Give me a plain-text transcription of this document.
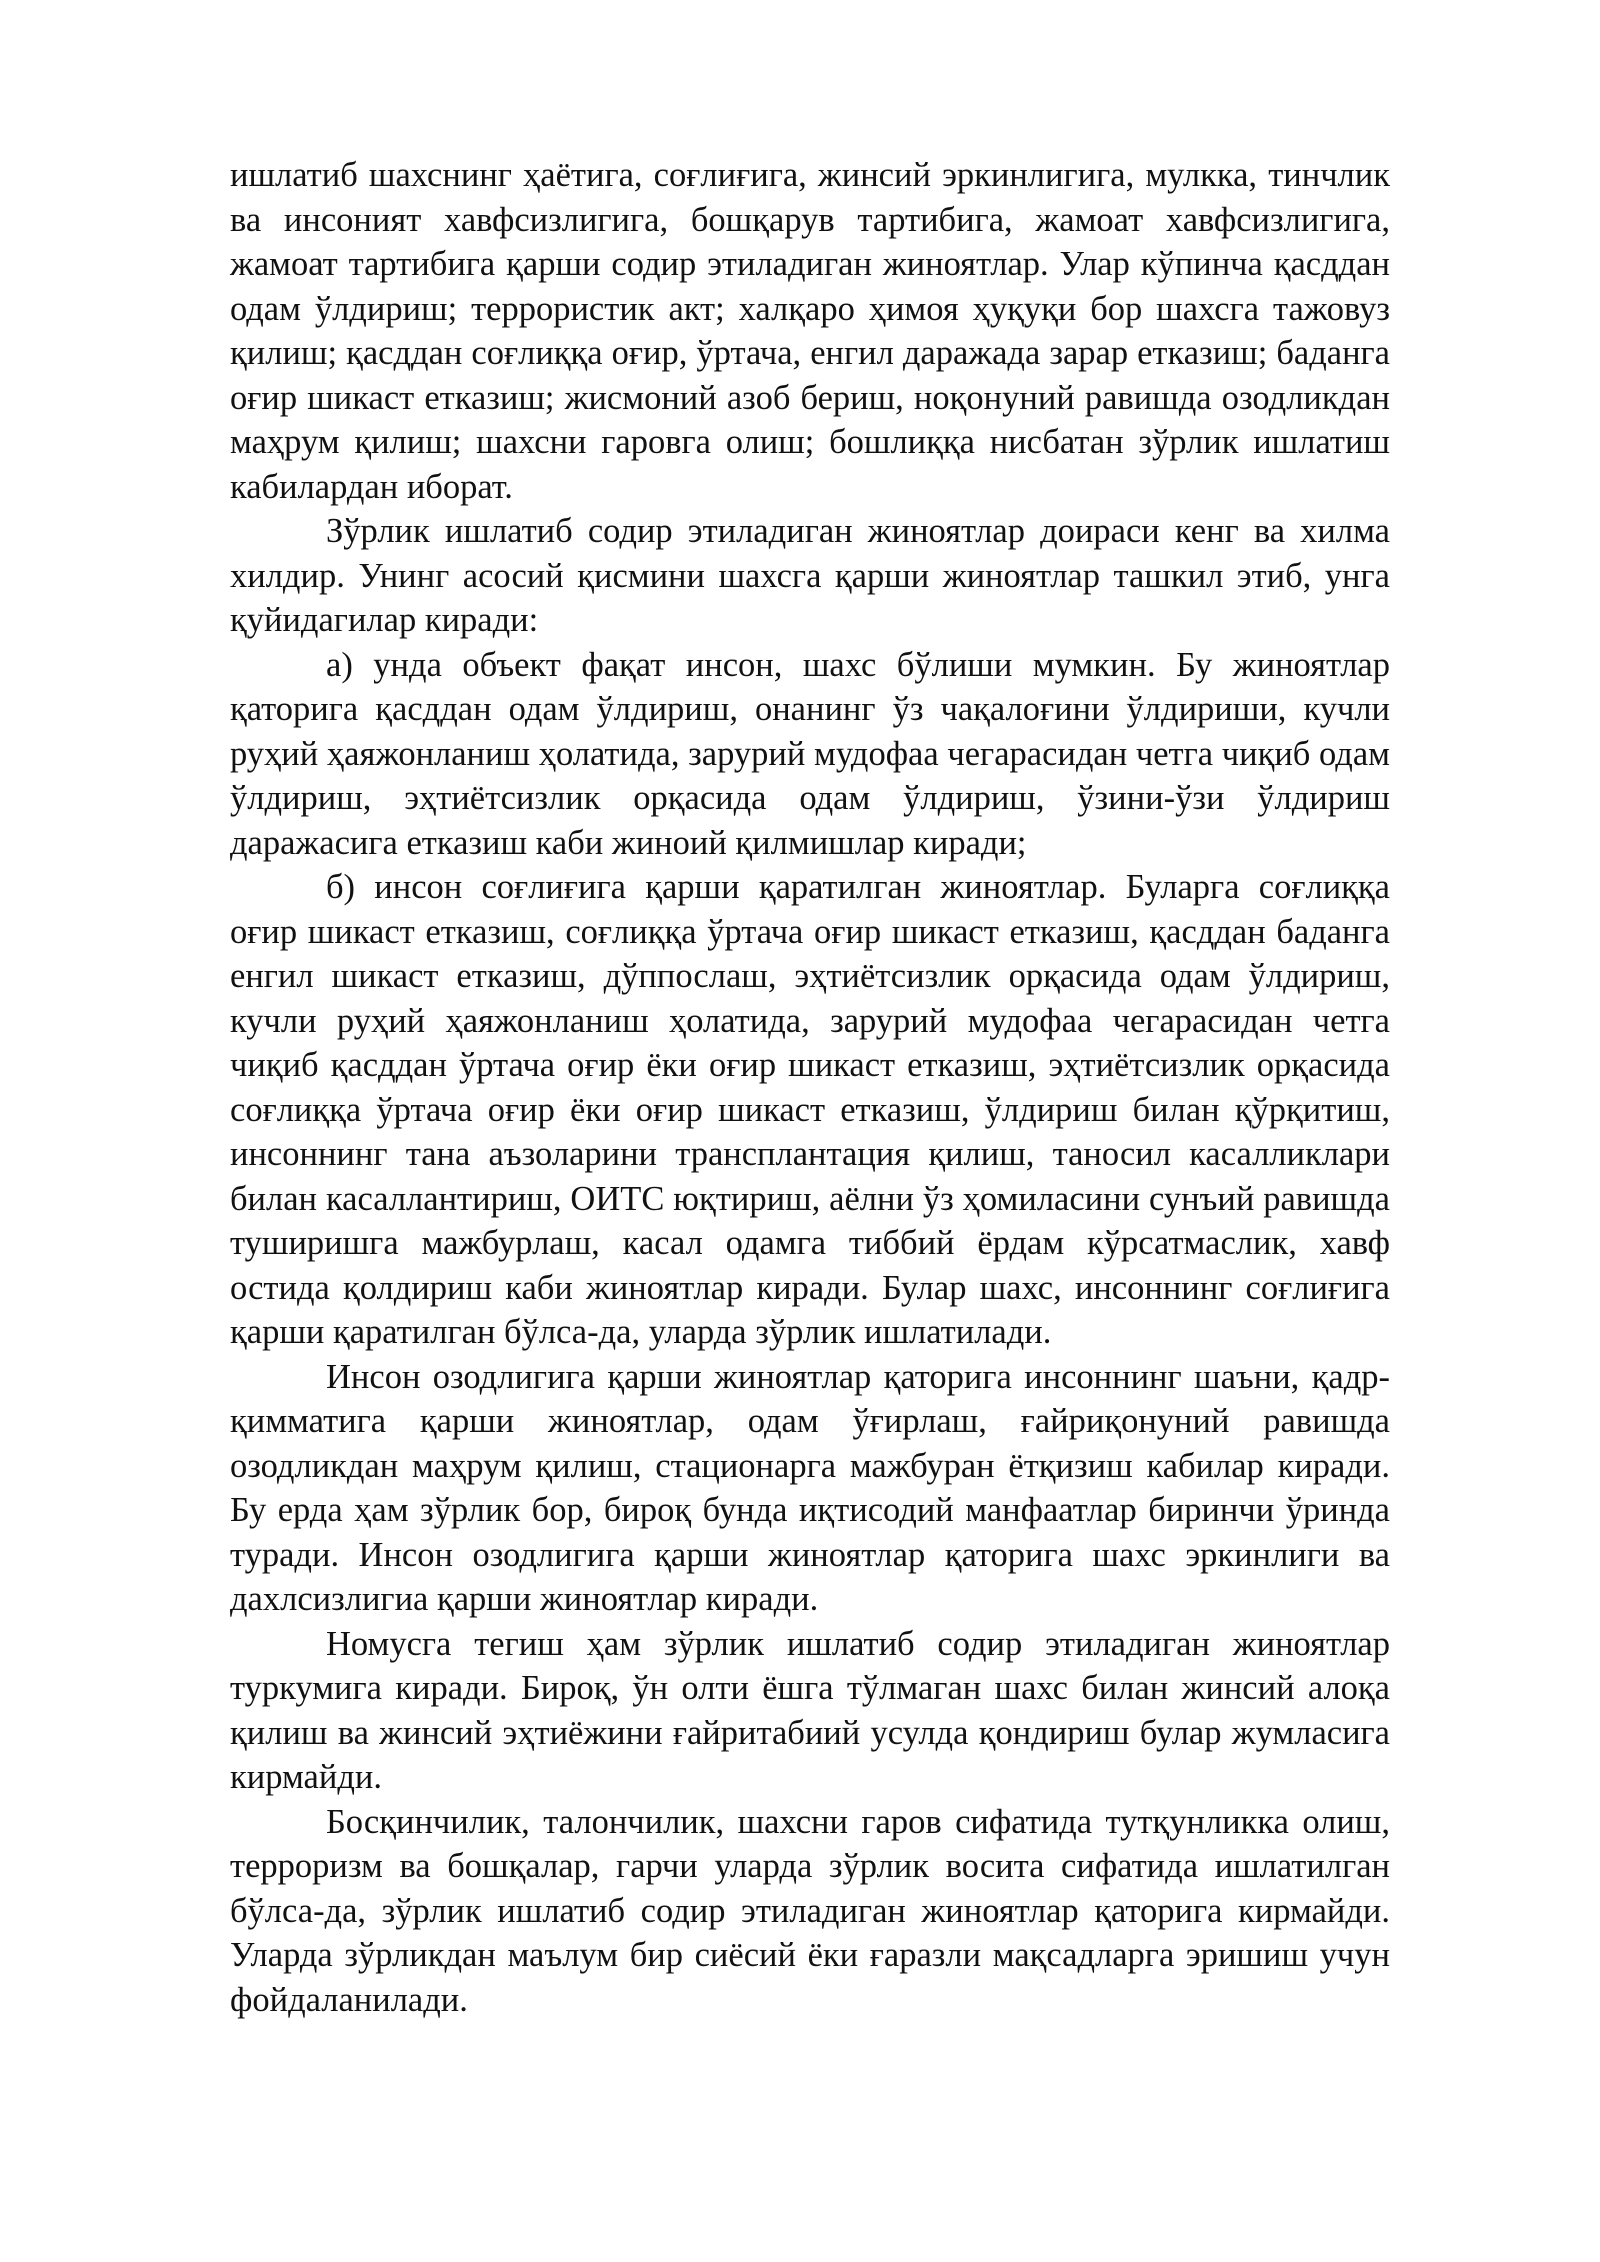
ишлатиб шахснинг ҳаётига, соғлиғига, жинсий эркинлигига, мулкка, тинчлик ва инсоният хавфсизлигига, бошқарув тартибига, жамоат хавфсизлигига, жамоат тартибига қарши содир этиладиган жиноятлар. Улар кўпинча қасддан одам ўлдириш; террористик акт; халқаро ҳимоя ҳуқуқи бор шахсга тажовуз қилиш; қасддан соғлиққа оғир, ўртача, енгил даражада зарар етказиш; баданга оғир шикаст етказиш; жисмоний азоб бериш, ноқонуний равишда озодликдан маҳрум қилиш; шахсни гаровга олиш; бошлиққа нисбатан зўрлик ишлатиш кабилардан иборат.

Зўрлик ишлатиб содир этиладиган жиноятлар доираси кенг ва хилма хилдир. Унинг асосий қисмини шахсга қарши жиноятлар ташкил этиб, унга қуйидагилар киради:

а) унда объект фақат инсон, шахс бўлиши мумкин. Бу жиноятлар қаторига қасддан одам ўлдириш, онанинг ўз чақалоғини ўлдириши, кучли руҳий ҳаяжонланиш ҳолатида, зарурий мудофаа чегарасидан четга чиқиб одам ўлдириш, эҳтиётсизлик орқасида одам ўлдириш, ўзини-ўзи ўлдириш даражасига етказиш каби жиноий қилмишлар киради;

б) инсон соғлиғига қарши қаратилган жиноятлар. Буларга соғлиққа оғир шикаст етказиш, соғлиққа ўртача оғир шикаст етказиш, қасддан баданга енгил шикаст етказиш, дўппослаш, эҳтиётсизлик орқасида одам ўлдириш, кучли руҳий ҳаяжонланиш ҳолатида, зарурий мудофаа чегарасидан четга чиқиб қасддан ўртача оғир ёки оғир шикаст етказиш, эҳтиётсизлик орқасида соғлиққа ўртача оғир ёки оғир шикаст етказиш, ўлдириш билан қўрқитиш, инсоннинг тана аъзоларини трансплантация қилиш, таносил касалликлари билан касаллантириш, ОИТС юқтириш, аёлни ўз ҳомиласини сунъий равишда туширишга мажбурлаш, касал одамга тиббий ёрдам кўрсатмаслик, хавф остида қолдириш каби жиноятлар киради. Булар шахс, инсоннинг соғлиғига қарши қаратилган бўлса-да, уларда зўрлик ишлатилади.

Инсон озодлигига қарши жиноятлар қаторига инсоннинг шаъни, қадр-қимматига қарши жиноятлар, одам ўғирлаш, ғайриқонуний равишда озодликдан маҳрум қилиш, стационарга мажбуран ётқизиш кабилар киради. Бу ерда ҳам зўрлик бор, бироқ бунда иқтисодий манфаатлар биринчи ўринда туради. Инсон озодлигига қарши жиноятлар қаторига шахс эркинлиги ва дахлсизлигиа қарши жиноятлар киради.

Номусга тегиш ҳам зўрлик ишлатиб содир этиладиган жиноятлар туркумига киради. Бироқ, ўн олти ёшга тўлмаган шахс билан жинсий алоқа қилиш ва жинсий эҳтиёжини ғайритабиий усулда қондириш булар жумласига кирмайди.

Босқинчилик, талончилик, шахсни гаров сифатида тутқунликка олиш, терроризм ва бошқалар, гарчи уларда зўрлик восита сифатида ишлатилган бўлса-да, зўрлик ишлатиб содир этиладиган жиноятлар қаторига кирмайди. Уларда зўрликдан маълум бир сиёсий ёки ғаразли мақсадларга эришиш учун фойдаланилади.
